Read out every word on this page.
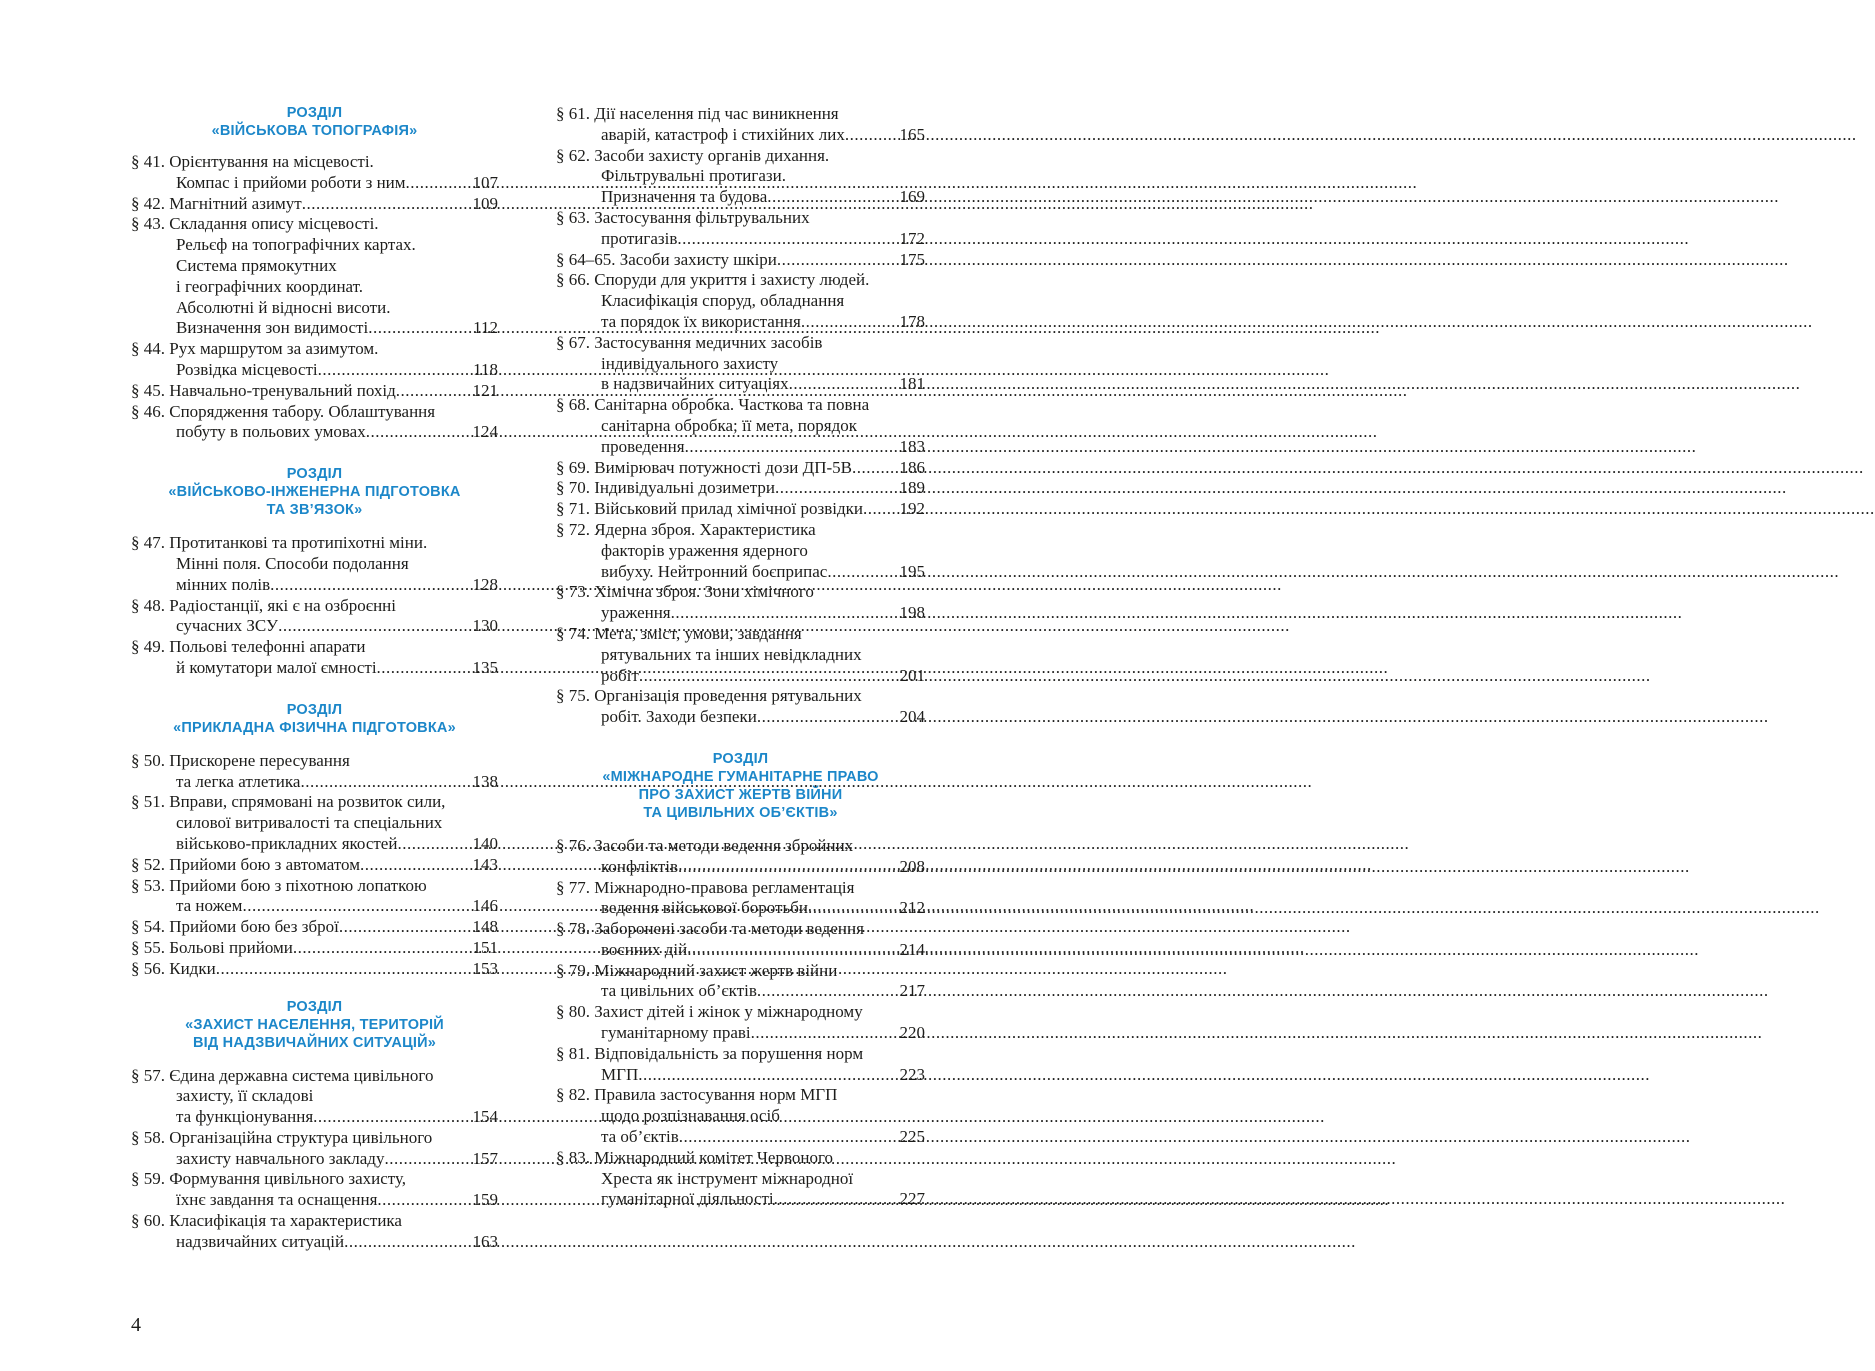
РОЗДІЛ
«ВІЙСЬКОВА ТОПОГРАФІЯ»
§ 41. Орієнтування на місцевості.
Компас і прийоми роботи з ним .....	107
§ 42. Магнітний азимут .....	109
§ 43. Складання опису місцевості.
Рельєф на топографічних картах.
Система прямокутних
і географічних координат.
Абсолютні й відносні висоти.
Визначення зон видимості .....	112
§ 44. Рух маршрутом за азимутом.
Розвідка місцевості .....	118
§ 45. Навчально-тренувальний похід .....	121
§ 46. Спорядження табору. Облаштування
побуту в польових умовах .....	124
РОЗДІЛ
«ВІЙСЬКОВО-ІНЖЕНЕРНА ПІДГОТОВКА
ТА ЗВ’ЯЗОК»
§ 47. Протитанкові та протипіхотні міни.
Мінні поля. Способи подолання
мінних полів .....	128
§ 48. Радіостанції, які є на озброєнні
сучасних ЗСУ .....	130
§ 49. Польові телефонні апарати
й комутатори малої ємності .....	135
РОЗДІЛ
«ПРИКЛАДНА ФІЗИЧНА ПІДГОТОВКА»
§ 50. Прискорене пересування
та легка атлетика .....	138
§ 51. Вправи, спрямовані на розвиток сили,
силової витривалості та спеціальних
військово-прикладних якостей .....	140
§ 52. Прийоми бою з автоматом .....	143
§ 53. Прийоми бою з піхотною лопаткою
та ножем .....	146
§ 54. Прийоми бою без зброї .....	148
§ 55. Больові прийоми .....	151
§ 56. Кидки .....	153
РОЗДІЛ
«ЗАХИСТ НАСЕЛЕННЯ, ТЕРИТОРІЙ
ВІД НАДЗВИЧАЙНИХ СИТУАЦІЙ»
§ 57. Єдина державна система цивільного
захисту, її складові
та функціонування .....	154
§ 58. Організаційна структура цивільного
захисту навчального закладу .....	157
§ 59. Формування цивільного захисту,
їхнє завдання та оснащення .....	159
§ 60. Класифікація та характеристика
надзвичайних ситуацій .....	163
§ 61. Дії населення під час виникнення
аварій, катастроф і стихійних лих .....	165
§ 62. Засоби захисту органів дихання.
Фільтрувальні протигази.
Призначення та будова .....	169
§ 63. Застосування фільтрувальних
протигазів .....	172
§ 64–65. Засоби захисту шкіри .....	175
§ 66. Споруди для укриття і захисту людей.
Класифікація споруд, обладнання
та порядок їх використання .....	178
§ 67. Застосування медичних засобів
індивідуального захисту
в надзвичайних ситуаціях .....	181
§ 68. Санітарна обробка. Часткова та повна
санітарна обробка; її мета, порядок
проведення .....	183
§ 69. Вимірювач потужності дози ДП-5В .....	186
§ 70. Індивідуальні дозиметри .....	189
§ 71. Військовий прилад хімічної розвідки ..... 192
§ 72. Ядерна зброя. Характеристика
факторів ураження ядерного
вибуху. Нейтронний боєприпас .....	195
§ 73. Хімічна зброя. Зони хімічного
ураження .....	198
§ 74. Мета, зміст, умови, завдання
рятувальних та інших невідкладних
робіт .....	201
§ 75. Організація проведення рятувальних
робіт. Заходи безпеки .....	204
РОЗДІЛ
«МІЖНАРОДНЕ ГУМАНІТАРНЕ ПРАВО
ПРО ЗАХИСТ ЖЕРТВ ВІЙНИ
ТА ЦИВІЛЬНИХ ОБ’ЄКТІВ»
§ 76. Засоби та методи ведення збройних
конфліктів .....	208
§ 77. Міжнародно-правова регламентація
ведення військової боротьби .....	212
§ 78. Заборонені засоби та методи ведення
воєнних дій .....	214
§ 79. Міжнародний захист жертв війни
та цивільних об’єктів .....	217
§ 80. Захист дітей і жінок у міжнародному
гуманітарному праві .....	220
§ 81. Відповідальність за порушення норм
МГП .....	223
§ 82. Правила застосування норм МГП
щодо розпізнавання осіб
та об’єктів .....	225
§ 83. Міжнародний комітет Червоного
Хреста як інструмент міжнародної
гуманітарної діяльності .....	227
4
